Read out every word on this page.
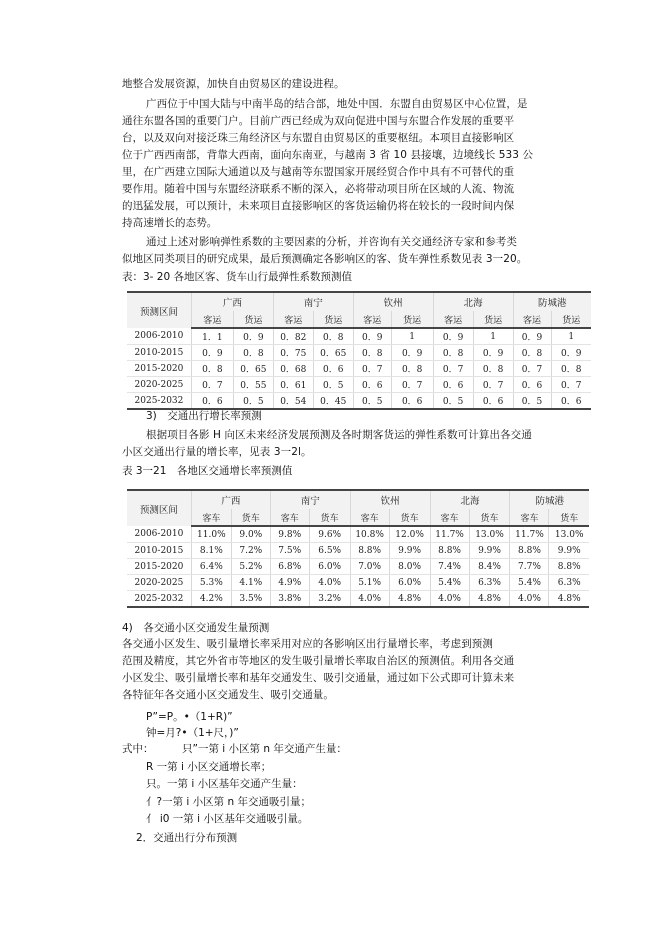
地整合发展资源，加快自由贸易区的建设进程。
广西位于中国大陆与中南半岛的结合部，地处中国．东盟自由贸易区中心位置，是
通往东盟各国的重要门户。目前广西已经成为双向促进中国与东盟合作发展的重要平
台，以及双向对接泛珠三角经济区与东盟自由贸易区的重要枢纽。本项目直接影响区
位于广西西南部，背靠大西南，面向东南亚，与越南 3 省 10 县接壤，边境线长 533 公
里，在广西建立国际大通道以及与越南等东盟国家开展经贸合作中具有不可替代的重
要作用。随着中国与东盟经济联系不断的深入，必将带动项目所在区域的人流、物流
的迅猛发展，可以预计，未来项目直接影响区的客货运输仍将在较长的一段时间内保
持高速增长的态势。
通过上述对影响弹性系数的主要因素的分析，并咨询有关交通经济专家和参考类
似地区同类项目的研究成果，最后预测确定各影响区的客、货车弹性系数见表 3一20。
表：3- 20 各地区客、货车山行最弹性系数预测值
预测区间	广西		南宁		钦州		北海		防城港	
	客运	货运	客运	货运	客运	货运	客运	货运	客运	货运
2006-2010	1．1	0．9	0．82	0．8	0．9	1	0．9	1	0．9	1
2010-2015	0．9	0．8	0．75	0．65	0．8	0．9	0．8	0．9	0．8	0．9
2015-2020	0．8	0．65	0．68	0．6	0．7	0．8	0．7	0．8	0．7	0．8
2020-2025	0．7	0．55	0．61	0．5	0．6	0．7	0．6	0．7	0．6	0．7
2025-2032	0．6	0．5	0．54	0．45	0．5	0．6	0．5	0．6	0．5	0．6
3)　交通出行增长率预测
根据项目各影 H 向区未来经济发展预测及各时期客货运的弹性系数可计算出各交通
小区交通出行量的增长率，见表 3一2l。
表 3一21　各地区交通增长率预测值
预测区间	广西		南宁		钦州		北海		防城港	
	客车	货车	客车	货车	客车	货车	客车	货车	客车	货车
2006-2010	11.0%	9.0%	9.8%	9.6%	10.8%	12.0%	11.7%	13.0%	11.7%	13.0%
2010-2015	8.1%	7.2%	7.5%	6.5%	8.8%	9.9%	8.8%	9.9%	8.8%	9.9%
2015-2020	6.4%	5.2%	6.8%	6.0%	7.0%	8.0%	7.4%	8.4%	7.7%	8.8%
2020-2025	5.3%	4.1%	4.9%	4.0%	5.1%	6.0%	5.4%	6.3%	5.4%	6.3%
2025-2032	4.2%	3.5%	3.8%	3.2%	4.0%	4.8%	4.0%	4.8%	4.0%	4.8%
4)　各交通小区交通发生量预测
各交通小区发生、吸引量增长率采用对应的各影响区出行量增长率，考虑到预测
范围及精度，其它外省市等地区的发生吸引量增长率取自治区的预测值。利用各交通
小区发尘、吸引量增长率和基年交通发生、吸引交通量，通过如下公式即可计算未来
各特征年各交通小区交通发生、吸引交通量。
P”=P。•（1+R)”
钟=月?•（1+尺，)”
式中：	只”一第 i 小区第 n 年交通产生量：
R 一第 i 小区交通增长率；
只。一第 i 小区基年交通产生量：
亻?一第 i 小区第 n 年交通吸引量；
亻 i0 一第 i 小区基年交通吸引量。
2．交通出行分布预测
